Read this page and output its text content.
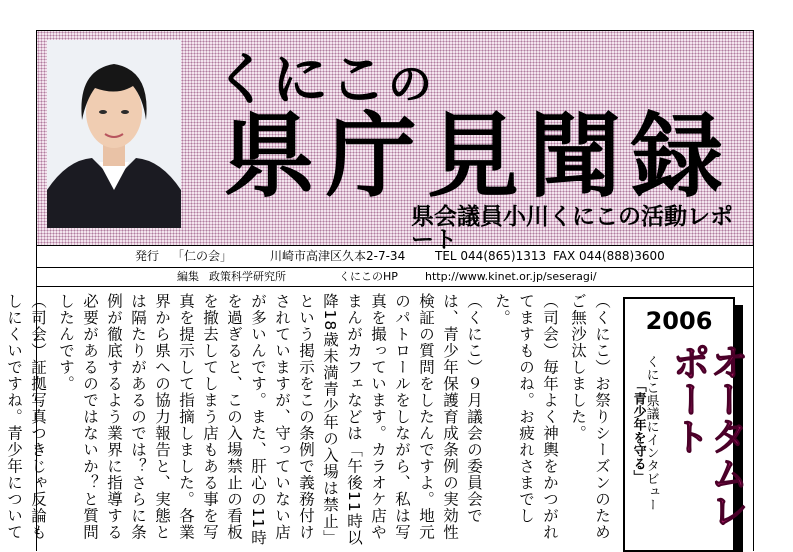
くにこの
県庁見聞録
県会議員小川くにこの活動レポート
発行 「仁の会」	川崎市高津区久本2-7-34 TEL 044(865)1313 FAX 044(888)3600
編集 政策科学研究所	くにこのHP http://www.kinet.or.jp/seseragi/

（くにこ）お祭りシーズンのためご無沙汰しました。

（司会）毎年よく神輿をかつがれてますものね。お疲れさまでした。

（くにこ）９月議会の委員会では、青少年保護育成条例の実効性検証の質問をしたんですよ。地元のパトロールをしながら、私は写真を撮っています。カラオケ店やまんがカフェなどは「午後11時以降18歳未満青少年の入場は禁止」という掲示をこの条例で義務付けされていますが、守っていない店が多いんです。また、肝心の11時を過ぎると、この入場禁止の看板を撤去してしまう店もある事を写真を提示して指摘しました。各業界から県への協力報告と、実態とは隔たりがあるのでは？さらに条例が徹底するよう業界に指導する必要があるのではないか？と質問したんです。

（司会）証拠写真つきじゃ反論もしにくいですね。青少年について

2006
オータムレポート
くにこ県議にインタビュー
「青少年を守る」
